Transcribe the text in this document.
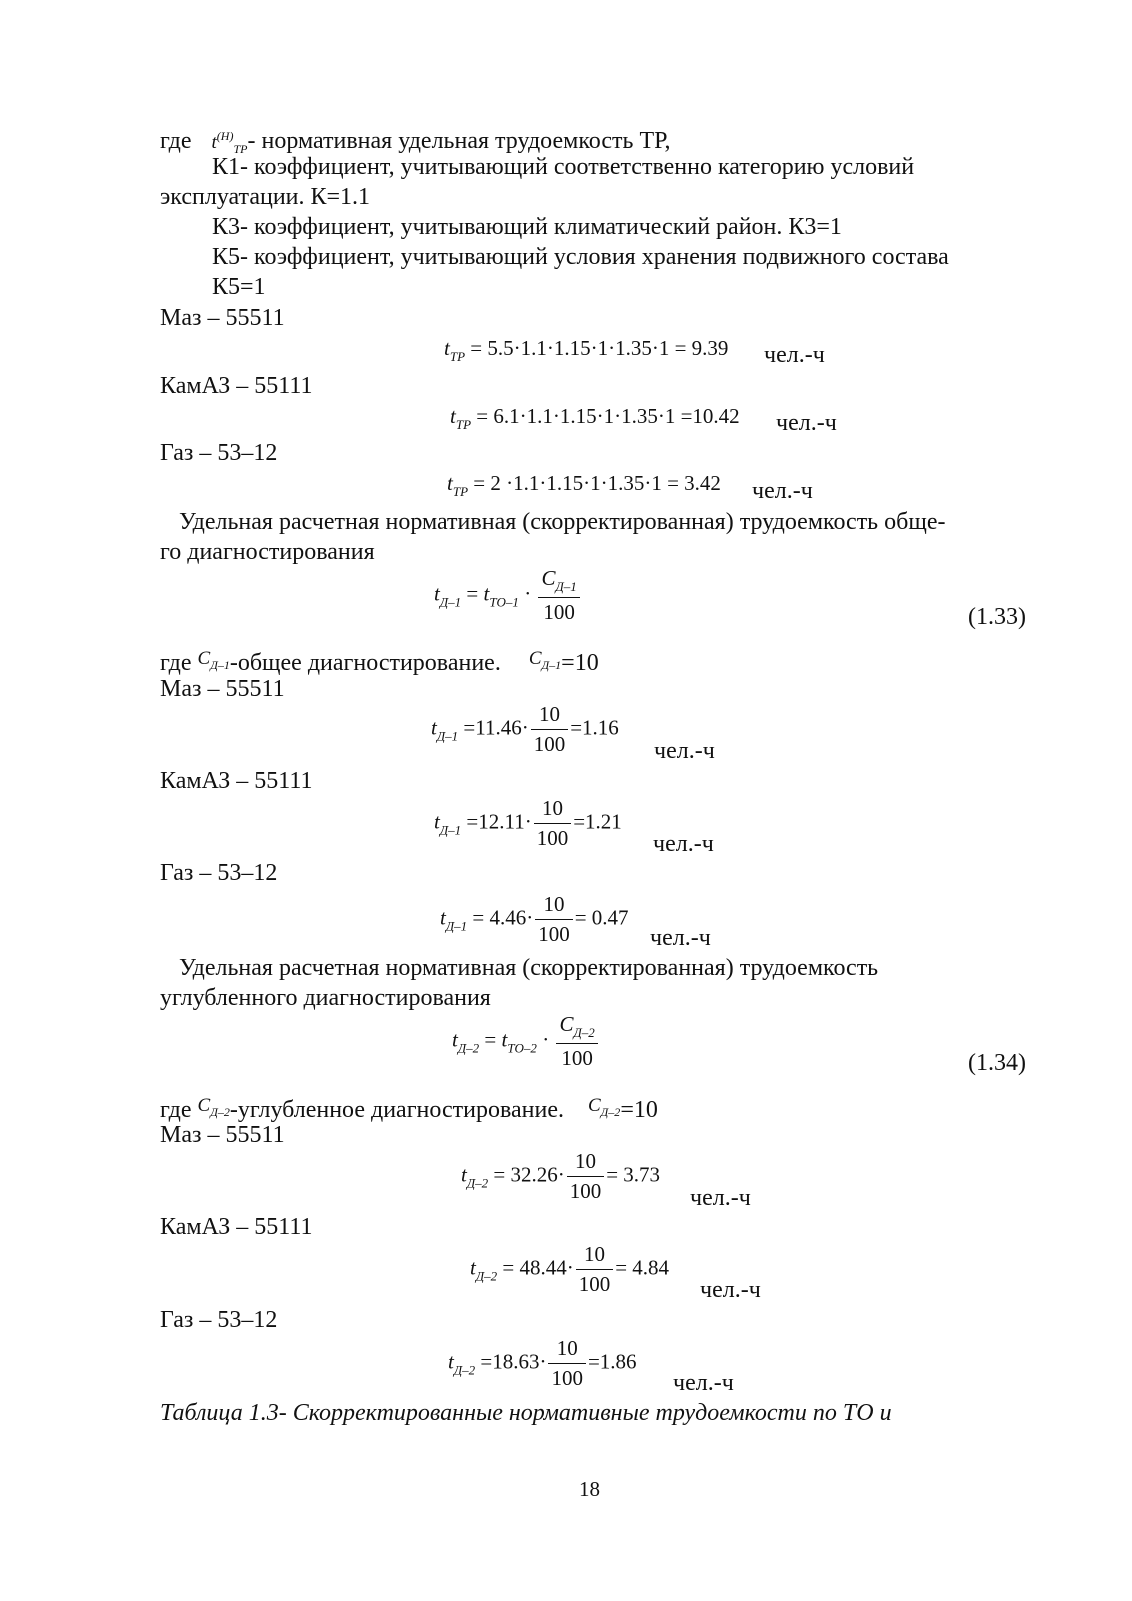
где $t^{(Н)}_{ТР}-$ нормативная удельная трудоемкость ТР,
К1- коэффициент, учитывающий соответственно категорию условий
эксплуатации. К=1.1
К3- коэффициент, учитывающий климатический район. К3=1
К5- коэффициент, учитывающий условия хранения подвижного состава
К5=1
Маз – 55511
$t_{ТР} = 5.5\cdot 1.1\cdot 1.15\cdot 1\cdot 1.35\cdot 1 = 9.39$ чел.-ч
КамАЗ – 55111
$t_{ТР} = 6.1\cdot 1.1\cdot 1.15\cdot 1\cdot 1.35\cdot 1 =10.42$ чел.-ч
Газ – 53–12
$t_{ТР} = 2 \cdot 1.1\cdot 1.15\cdot 1\cdot 1.35\cdot 1 = 3.42$ чел.-ч
Удельная расчетная нормативная (скорректированная) трудоемкость обще-
го диагностирования
$t_{Д-1} = t_{ТО-1} \cdot \frac{С_{Д-1}}{100}$	(1.33)
где $^{С_{Д-1}}$-общее диагностирование. $^{С_{Д-1}}$=10
Маз – 55511
$t_{Д-1} =11.46\cdot \frac{10}{100} =1.16$
чел.-ч
КамАЗ – 55111
$t_{Д-1} =12.11\cdot \frac{10}{100} =1.21$
чел.-ч
Газ – 53–12
$t_{Д-1} = 4.46\cdot \frac{10}{100} = 0.47$
чел.-ч
Удельная расчетная нормативная (скорректированная) трудоемкость
углубленного диагностирования
$t_{Д-2} = t_{ТО-2} \cdot \frac{С_{Д-2}}{100}$	(1.34)
где $^{С_{Д-2}}$-углубленное диагностирование. $^{С_{Д-2}}$=10
Маз – 55511
$t_{Д-2} = 32.26\cdot \frac{10}{100} = 3.73$
чел.-ч
КамАЗ – 55111
$t_{Д-2} = 48.44\cdot \frac{10}{100} = 4.84$
чел.-ч
Газ – 53–12
$t_{Д-2} =18.63\cdot \frac{10}{100} =1.86$
чел.-ч
Таблица 1.3- Скорректированные нормативные трудоемкости по ТО и
18
